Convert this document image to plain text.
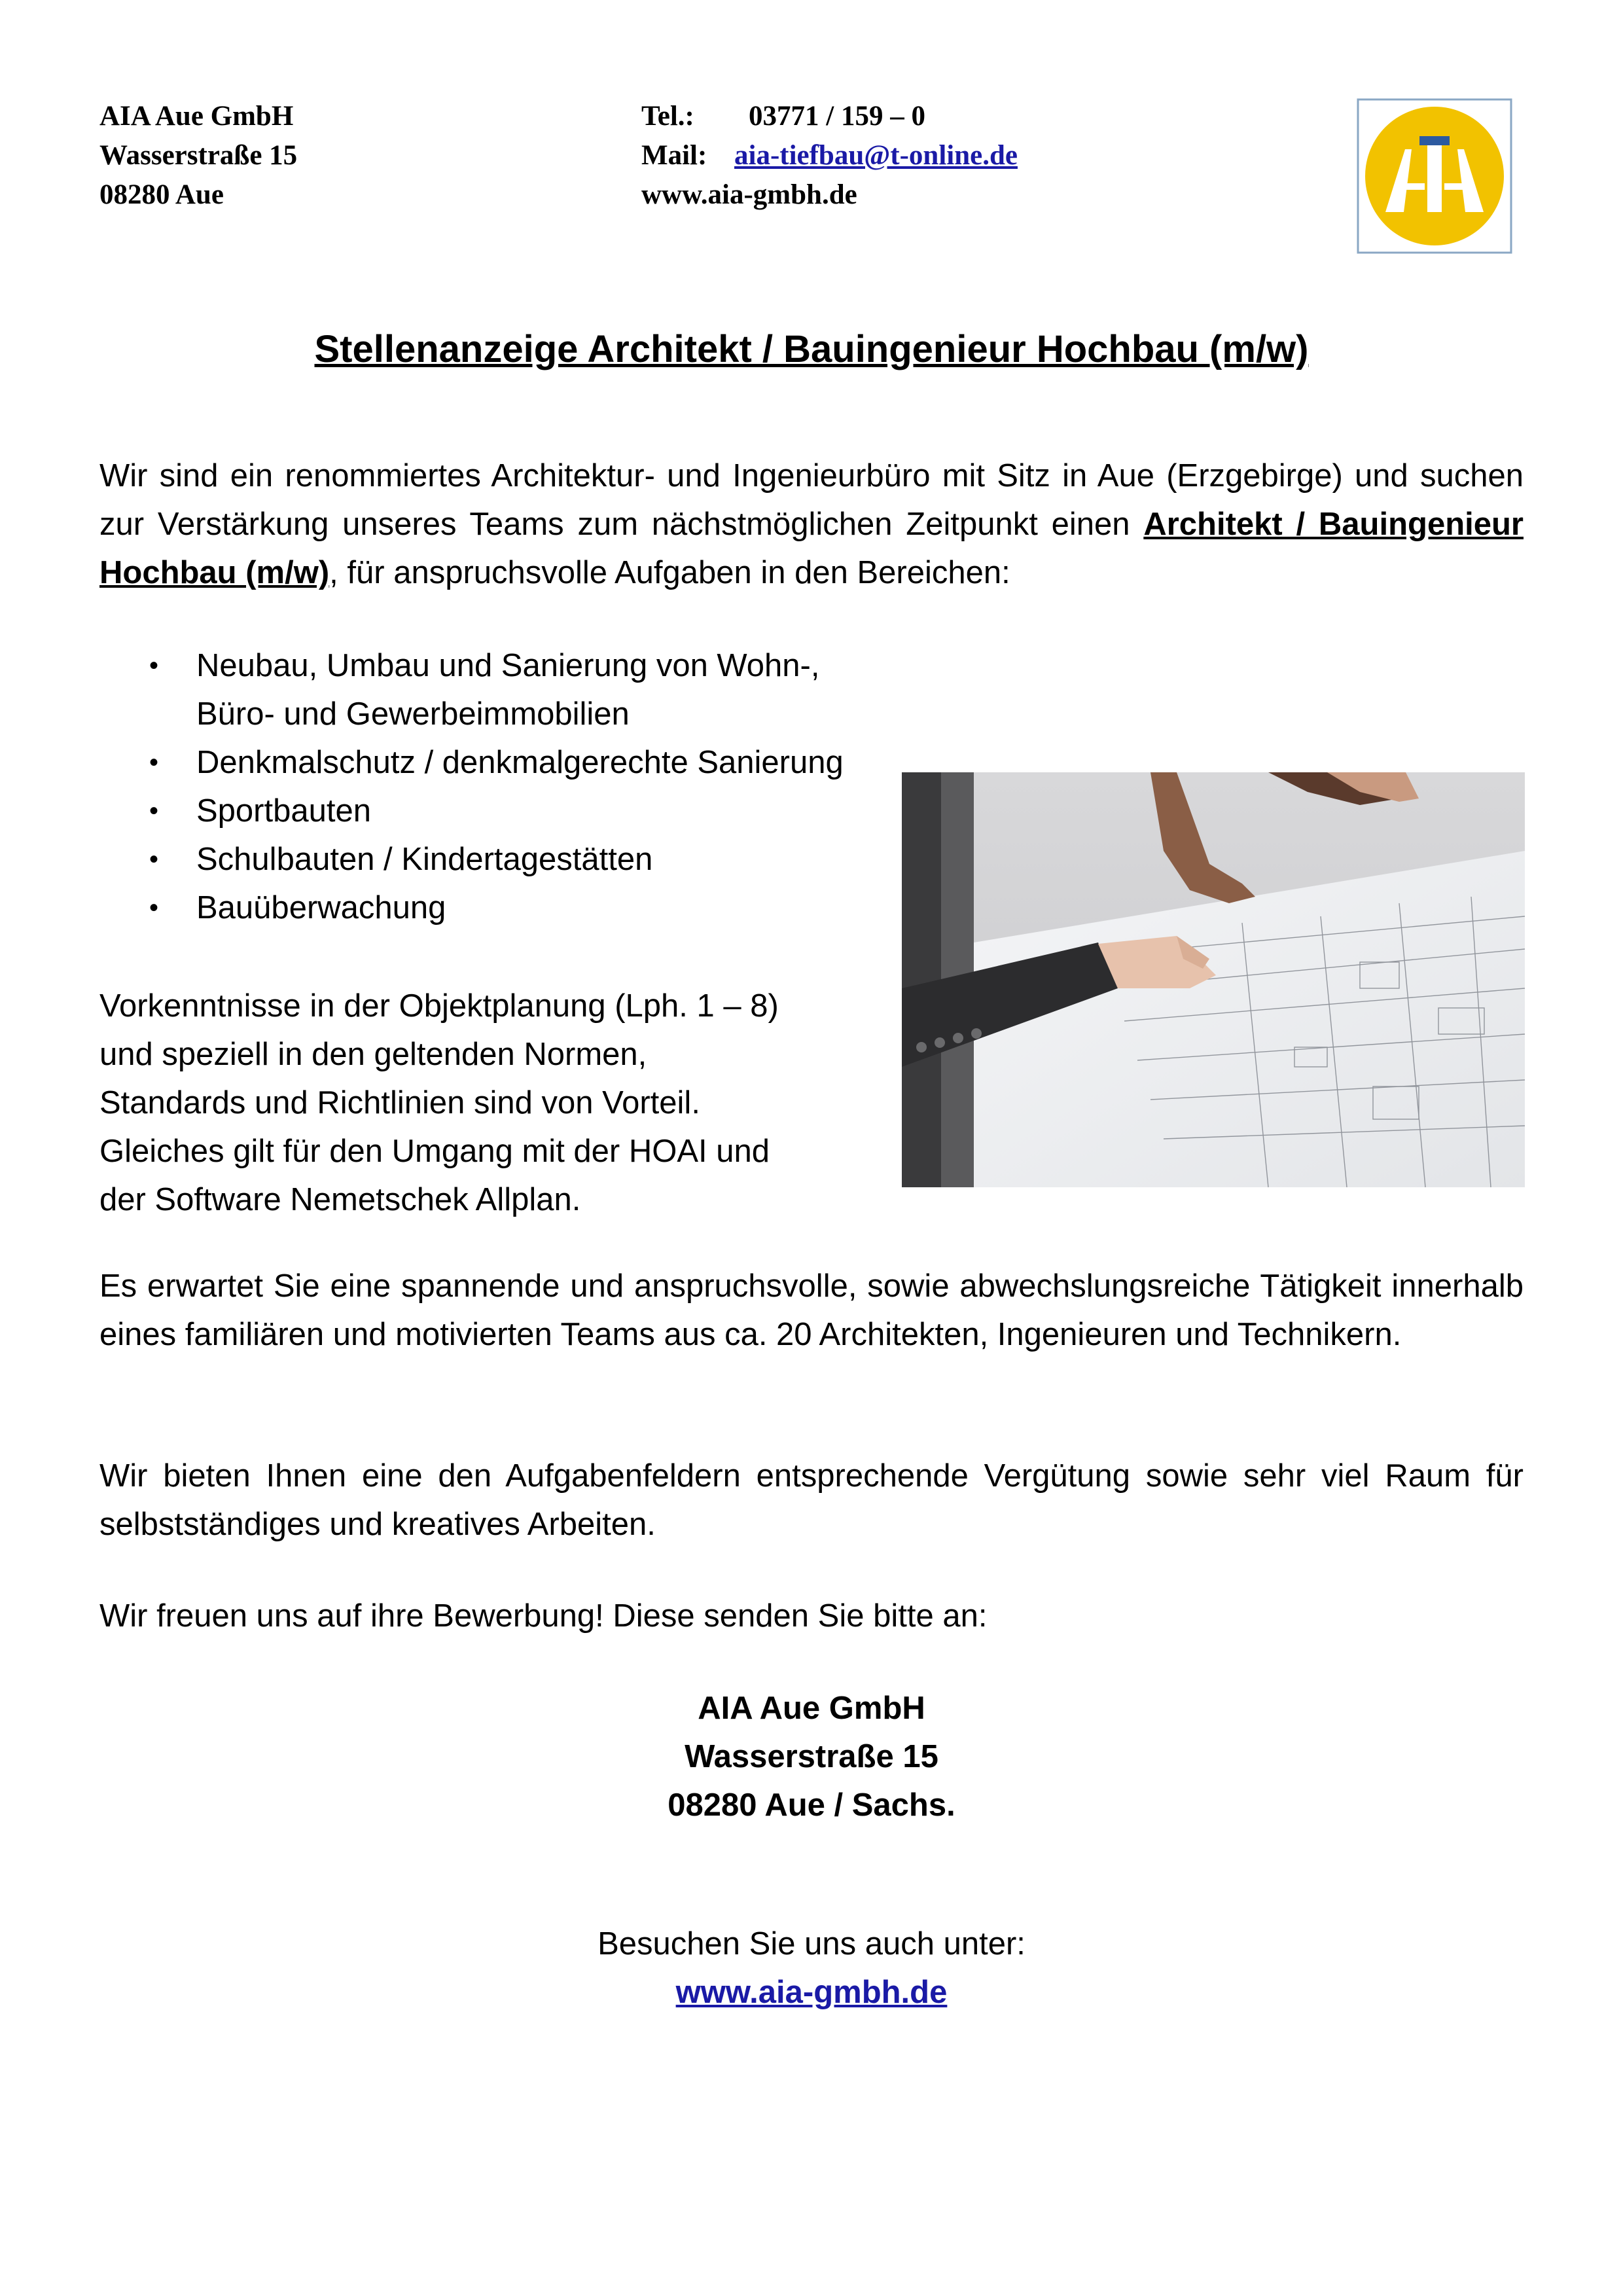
AIA Aue GmbH
Wasserstraße 15
08280 Aue
Tel.: 03771 / 159 – 0
Mail: aia-tiefbau@t-online.de
www.aia-gmbh.de
AIA
Stellenanzeige Architekt / Bauingenieur Hochbau (m/w)
Wir sind ein renommiertes Architektur- und Ingenieurbüro mit Sitz in Aue (Erzgebirge) und suchen zur Verstärkung unseres Teams zum nächstmöglichen Zeitpunkt einen Architekt / Bauingenieur Hochbau (m/w), für anspruchsvolle Aufgaben in den Bereichen:
• Neubau, Umbau und Sanierung von Wohn-, Büro- und Gewerbeimmobilien
• Denkmalschutz / denkmalgerechte Sanierung
• Sportbauten
• Schulbauten / Kindertagestätten
• Bauüberwachung
Vorkenntnisse in der Objektplanung (Lph. 1 – 8)
und speziell in den geltenden Normen,
Standards und Richtlinien sind von Vorteil.
Gleiches gilt für den Umgang mit der HOAI und
der Software Nemetschek Allplan.
Es erwartet Sie eine spannende und anspruchsvolle, sowie abwechslungsreiche Tätigkeit innerhalb eines familiären und motivierten Teams aus ca. 20 Architekten, Ingenieuren und Technikern.
Wir bieten Ihnen eine den Aufgabenfeldern entsprechende Vergütung sowie sehr viel Raum für selbstständiges und kreatives Arbeiten.
Wir freuen uns auf ihre Bewerbung! Diese senden Sie bitte an:
AIA Aue GmbH
Wasserstraße 15
08280 Aue / Sachs.
Besuchen Sie uns auch unter:
www.aia-gmbh.de
